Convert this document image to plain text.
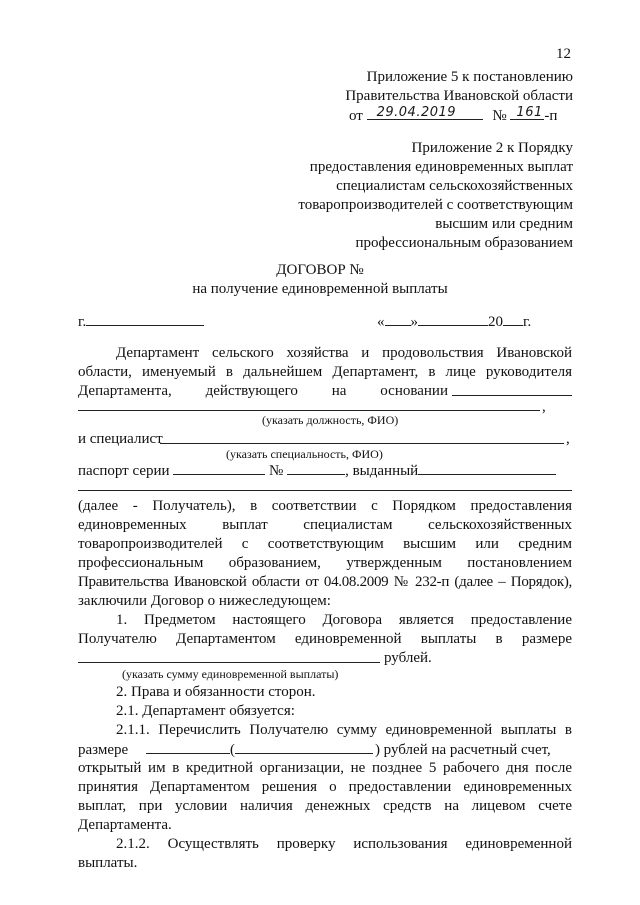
12
Приложение 5 к постановлению
Правительства Ивановской области
от 29.04.2019 № 161 -п
Приложение 2 к Порядку
предоставления единовременных выплат
специалистам сельскохозяйственных
товаропроизводителей с соответствующим
высшим или средним
профессиональным образованием
ДОГОВОР №
на получение единовременной выплаты
г.	« »	20 г.
Департамент сельского хозяйства и продовольствия Ивановской
области, именуемый в дальнейшем Департамент, в лице руководителя
Департамента, действующего на основании
,
(указать должность, ФИО)
и специалист	,
(указать специальность, ФИО)
паспорт серии	№	, выданный
(далее - Получатель), в соответствии с Порядком предоставления
единовременных выплат специалистам сельскохозяйственных
товаропроизводителей с соответствующим высшим или средним
профессиональным образованием, утвержденным постановлением
Правительства Ивановской области от 04.08.2009 № 232-п (далее – Порядок),
заключили Договор о нижеследующем:
1. Предметом настоящего Договора является предоставление
Получателю Департаментом единовременной выплаты в размере
рублей.
(указать сумму единовременной выплаты)
2. Права и обязанности сторон.
2.1. Департамент обязуется:
2.1.1. Перечислить Получателю сумму единовременной выплаты в
размере	(	) рублей на расчетный счет,
открытый им в кредитной организации, не позднее 5 рабочего дня после
принятия Департаментом решения о предоставлении единовременных
выплат, при условии наличия денежных средств на лицевом счете
Департамента.
2.1.2. Осуществлять проверку использования единовременной
выплаты.
